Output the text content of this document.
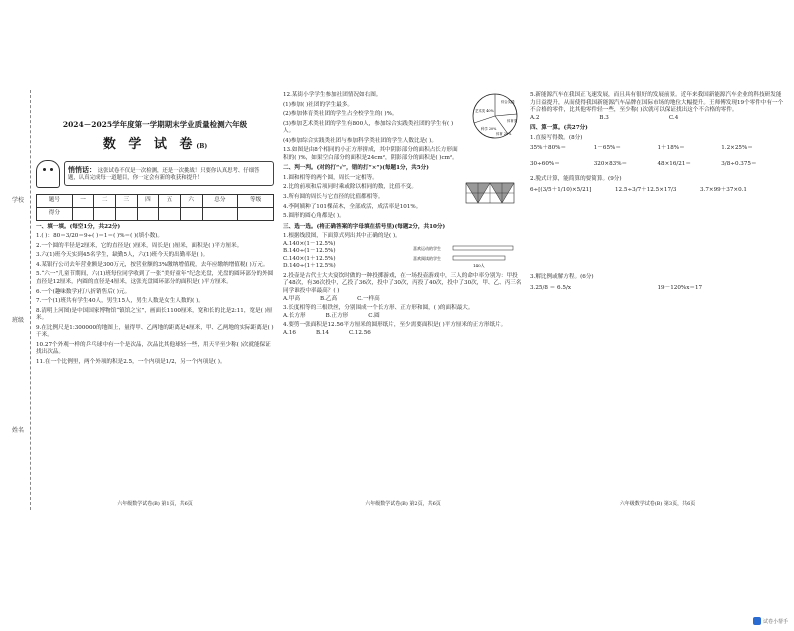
学校
班级
姓名
2024－2025学年度第一学期期末学业质量检测六年级
数 学 试 卷(B)
悄悄话： 这张试卷不仅是一次检测，还是一次挑战！只要你认真思考、仔细答题，认真完成每一道题目，你一定会有新的收获和提升！
题号	一	二	三	四	五	六	总分	等级
得分								
一、填一填。(每空1分，共22分)
1.( )：80＝3/20＝9÷( )＝1＝( )%＝( )(填小数)。
2.一个圆的半径是2厘米，它的直径是( )厘米，周长是( )厘米，面积是( )平方厘米。
3.六(1)班今天实到45名学生，缺勤5人，六(1)班今天的出勤率是( )。
4.某银行公司去年营业额是300万元，按营业额的3%缴纳增值税，去年应缴纳增值税( )万元。
5.“六一”儿童节期间，六(1)班每位同学收到了一张“美好童年”纪念光盘，光盘的圆环部分的外圆直径是12厘米，内圆的直径是4厘米，这张光盘圆环部分的面积是( )平方厘米。
6.一个(趣味数学)打八折销售后( )元。
7.一个(1)班共有学生40人，男生15人，男生人数是女生人数的( )。
8.清明上河图)是中国国家博物馆“镇馆之宝”，画面长1100厘米，宽和长的比是2:11，宽是( )厘米。
9.在比例尺是1:300000的地图上，量得甲、乙两地的距离是4厘米，甲、乙两地的实际距离是( )千米。
10.27个外观一样的乒乓球中有一个是次品，次品比其他球轻一些，用天平至少称( )次就能保证找出次品。
11.在一个比例里，两个外项的积是2.5，一个内项是1/2，另一个内项是( )。
六年级数学试卷(B) 第1页，共6页
综合实践
艺术类 40%
体育类
科学 20%
体育 20%
12.某街小学学生参加社团情况如右图。
(1)参加( )社团的学生最多。
(2)参加体育类社团的学生占全校学生的( )%。
(3)参加艺术类社团的学生有800人，参加综合实践类社团的学生有( )人。
(4)参加综合实践类社团与参加科学类社团的学生人数比是( )。
13.如图是由8个相同的小正方形拼成，其中阴影部分的面积占长方形面积的( )%，如果空白部分的面积是24cm²，阴影部分的面积是( )cm²。
二、判一判。(对的打“√”，错的打“×”)(每题1分，共5分)
1.圆和相等的两个圆，周长一定相等。
2.比的前项和后项同时乘或除以相同的数，比值不变。
3.所有圆的周长与它直径的比值都相等。
4.李阿姨种了101棵苗木，全部成活，成活率是101%。
5.圆形的圆心角都是( )。
三、选一选。(将正确答案的字母填在括号里)(每题2分，共10分)
1.根据线段图，下面算式列出其中正确的是( )。
A.140×(1－12.5%)
B.140÷(1－12.5%)
C.140×(1＋12.5%)
D.140÷(1＋12.5%)
喜欢运动的学生
喜欢阅读的学生
140人
2.投壶是古代士大夫宴饮时做的一种投掷游戏，在一场投壶游戏中，三人的命中率分别为：甲投了48次，有36次投中，乙投了36次，投中了30次，丙投了40次，投中了30次，甲、乙、丙三名同学谁投中率最高？( )
A.甲高	B.乙高	C.一样高
3.长度相等的三根铁丝，分别围成一个长方形、正方形和圆，( )的面积最大。
A.长方形	B.正方形	C.圆
4.要剪一张面积是12.56平方厘米的圆形纸片，至少需要面积是( )平方厘米的正方形纸片。
A.16	B.14	C.12.56
六年级数学试卷(B) 第2页，共6页
5.新能源汽车在我国正飞速发展，而且具有很好的发展前景。近年来我国新能源汽车企业的科技研发能力日益提升，从而使得我国新能源汽车品牌在国际市场的地位大幅提升。王师傅发现19个零件中有一个不合格的零件，比其他零件轻一些，至少称( )次就可以保证找出这个不合格的零件。
A.2	B.3	C.4
四、算一算。(共27分)
1.直接写得数。(8分)
35%＋80%＝	1－65%＝	1＋18%＝	1.2×25%＝
30÷60%＝	320×83%＝	48×16/21＝	3/8÷0.375＝
2.脱式计算，能简算的要简算。(9分)
6÷[(3/5＋1/10)×5/21]	12.5÷3/7＋12.5×17/3	3.7×99＋37×0.1
3.解比例或解方程。(6分)
3.25/8 ＝ 6.5/x	19－120%x＝17
六年级数学试卷(B) 第3页，共6页
试卷小帮手
